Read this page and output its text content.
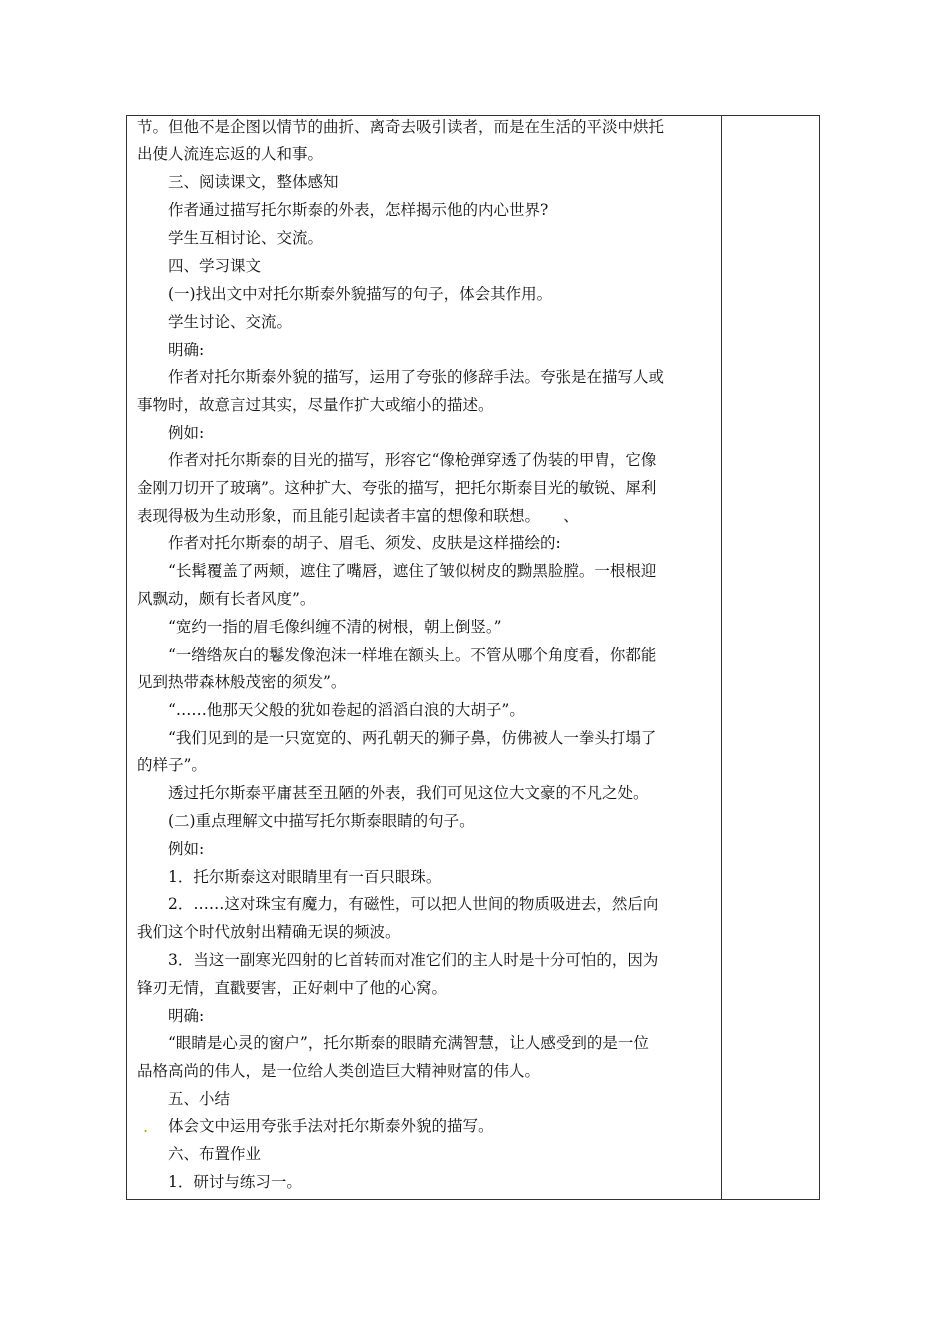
节。但他不是企图以情节的曲折、离奇去吸引读者，而是在生活的平淡中烘托
出使人流连忘返的人和事。
三、阅读课文，整体感知
作者通过描写托尔斯泰的外表，怎样揭示他的内心世界?
学生互相讨论、交流。
四、学习课文
(一)找出文中对托尔斯泰外貌描写的句子，体会其作用。
学生讨论、交流。
明确:
作者对托尔斯泰外貌的描写，运用了夸张的修辞手法。夸张是在描写人或
事物时，故意言过其实，尽量作扩大或缩小的描述。
例如:
作者对托尔斯泰的目光的描写，形容它“像枪弹穿透了伪装的甲胄，它像
金刚刀切开了玻璃”。这种扩大、夸张的描写，把托尔斯泰目光的敏锐、犀利
表现得极为生动形象，而且能引起读者丰富的想像和联想。　　、
作者对托尔斯泰的胡子、眉毛、须发、皮肤是这样描绘的:
“长髯覆盖了两颊，遮住了嘴唇，遮住了皱似树皮的黝黑脸膛。一根根迎
风飘动，颇有长者风度”。
“宽约一指的眉毛像纠缠不清的树根，朝上倒竖。”
“一绺绺灰白的鬈发像泡沫一样堆在额头上。不管从哪个角度看，你都能
见到热带森林般茂密的须发”。
“……他那天父般的犹如卷起的滔滔白浪的大胡子”。
“我们见到的是一只宽宽的、两孔朝天的狮子鼻，仿佛被人一拳头打塌了
的样子”。
透过托尔斯泰平庸甚至丑陋的外表，我们可见这位大文豪的不凡之处。
(二)重点理解文中描写托尔斯泰眼睛的句子。
例如:
1．托尔斯泰这对眼睛里有一百只眼珠。
2．……这对珠宝有魔力，有磁性，可以把人世间的物质吸进去，然后向
我们这个时代放射出精确无误的频波。
3．当这一副寒光四射的匕首转而对准它们的主人时是十分可怕的，因为
锋刃无情，直戳要害，正好刺中了他的心窝。
明确:
“眼睛是心灵的窗户”，托尔斯泰的眼睛充满智慧，让人感受到的是一位
品格高尚的伟人，是一位给人类创造巨大精神财富的伟人。
五、小结
体会文中运用夸张手法对托尔斯泰外貌的描写。
六、布置作业
1．研讨与练习一。
.
